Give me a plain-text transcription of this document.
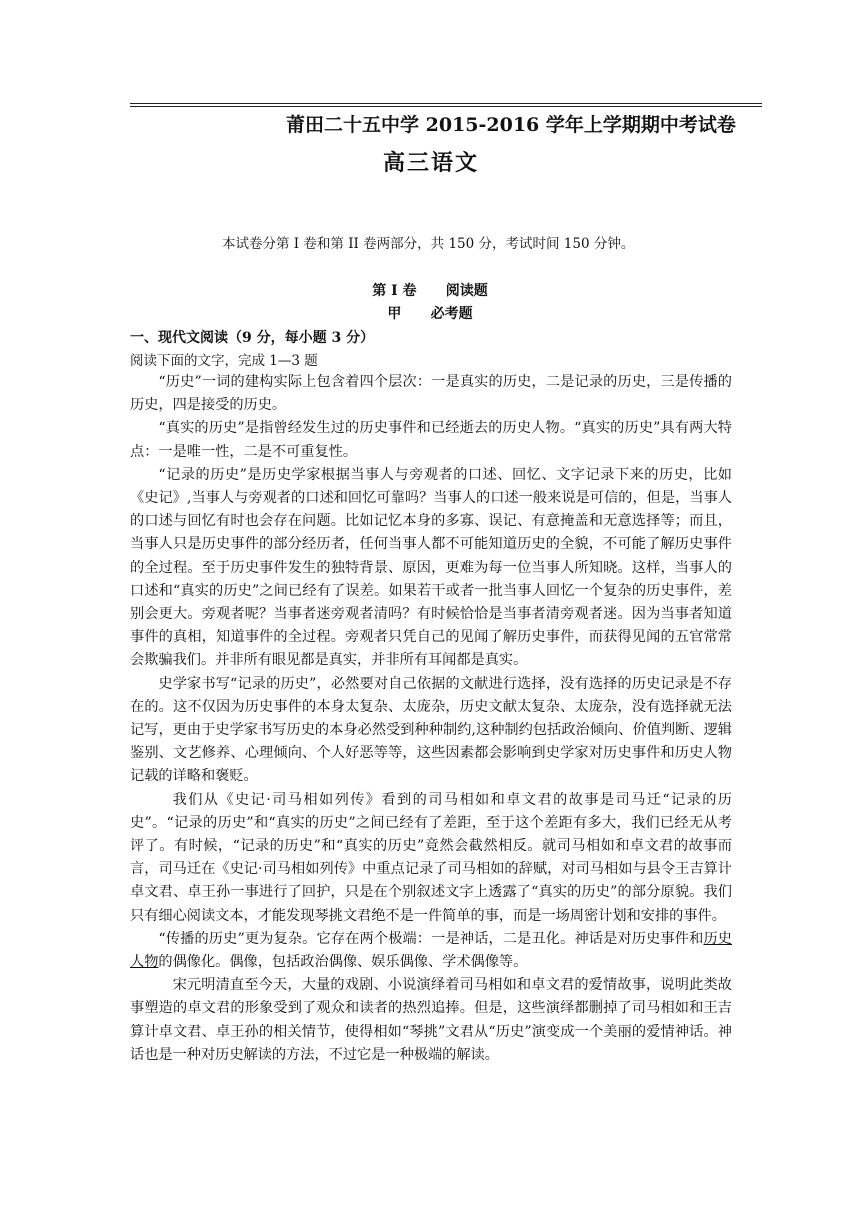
莆田二十五中学 2015-2016 学年上学期期中考试卷
高三语文
本试卷分第 I 卷和第 II 卷两部分，共 150 分，考试时间 150 分钟。
第 I 卷      阅读题
甲      必考题
一、现代文阅读（9 分，每小题 3 分）
阅读下面的文字，完成 1—3 题

“历史”一词的建构实际上包含着四个层次：一是真实的历史，二是记录的历史，三是传播的历史，四是接受的历史。

“真实的历史”是指曾经发生过的历史事件和已经逝去的历史人物。“真实的历史”具有两大特点：一是唯一性，二是不可重复性。

“记录的历史”是历史学家根据当事人与旁观者的口述、回忆、文字记录下来的历史，比如《史记》,当事人与旁观者的口述和回忆可靠吗？当事人的口述一般来说是可信的，但是，当事人的口述与回忆有时也会存在问题。比如记忆本身的多寡、误记、有意掩盖和无意选择等；而且，当事人只是历史事件的部分经历者，任何当事人都不可能知道历史的全貌，不可能了解历史事件的全过程。至于历史事件发生的独特背景、原因，更难为每一位当事人所知晓。这样，当事人的口述和“真实的历史”之间已经有了误差。如果若干或者一批当事人回忆一个复杂的历史事件，差别会更大。旁观者呢？当事者迷旁观者清吗？有时候恰恰是当事者清旁观者迷。因为当事者知道事件的真相，知道事件的全过程。旁观者只凭自己的见闻了解历史事件，而获得见闻的五官常常会欺骗我们。并非所有眼见都是真实，并非所有耳闻都是真实。

史学家书写“记录的历史”，必然要对自己依据的文献进行选择，没有选择的历史记录是不存在的。这不仅因为历史事件的本身太复杂、太庞杂，历史文献太复杂、太庞杂，没有选择就无法记写，更由于史学家书写历史的本身必然受到种种制约,这种制约包括政治倾向、价值判断、逻辑鉴别、文艺修养、心理倾向、个人好恶等等，这些因素都会影响到史学家对历史事件和历史人物记载的详略和褒贬。

我们从《史记·司马相如列传》看到的司马相如和卓文君的故事是司马迁“记录的历史”。“记录的历史”和“真实的历史”之间已经有了差距，至于这个差距有多大，我们已经无从考评了。有时候，“记录的历史”和“真实的历史”竟然会截然相反。就司马相如和卓文君的故事而言，司马迁在《史记·司马相如列传》中重点记录了司马相如的辞赋，对司马相如与县令王吉算计卓文君、卓王孙一事进行了回护，只是在个别叙述文字上透露了“真实的历史”的部分原貌。我们只有细心阅读文本，才能发现琴挑文君绝不是一件简单的事，而是一场周密计划和安排的事件。

“传播的历史”更为复杂。它存在两个极端：一是神话，二是丑化。神话是对历史事件和历史人物的偶像化。偶像，包括政治偶像、娱乐偶像、学术偶像等。

宋元明清直至今天，大量的戏剧、小说演绎着司马相如和卓文君的爱情故事，说明此类故事塑造的卓文君的形象受到了观众和读者的热烈追捧。但是，这些演绎都删掉了司马相如和王吉算计卓文君、卓王孙的相关情节，使得相如“琴挑”文君从“历史”演变成一个美丽的爱情神话。神话也是一种对历史解读的方法，不过它是一种极端的解读。
